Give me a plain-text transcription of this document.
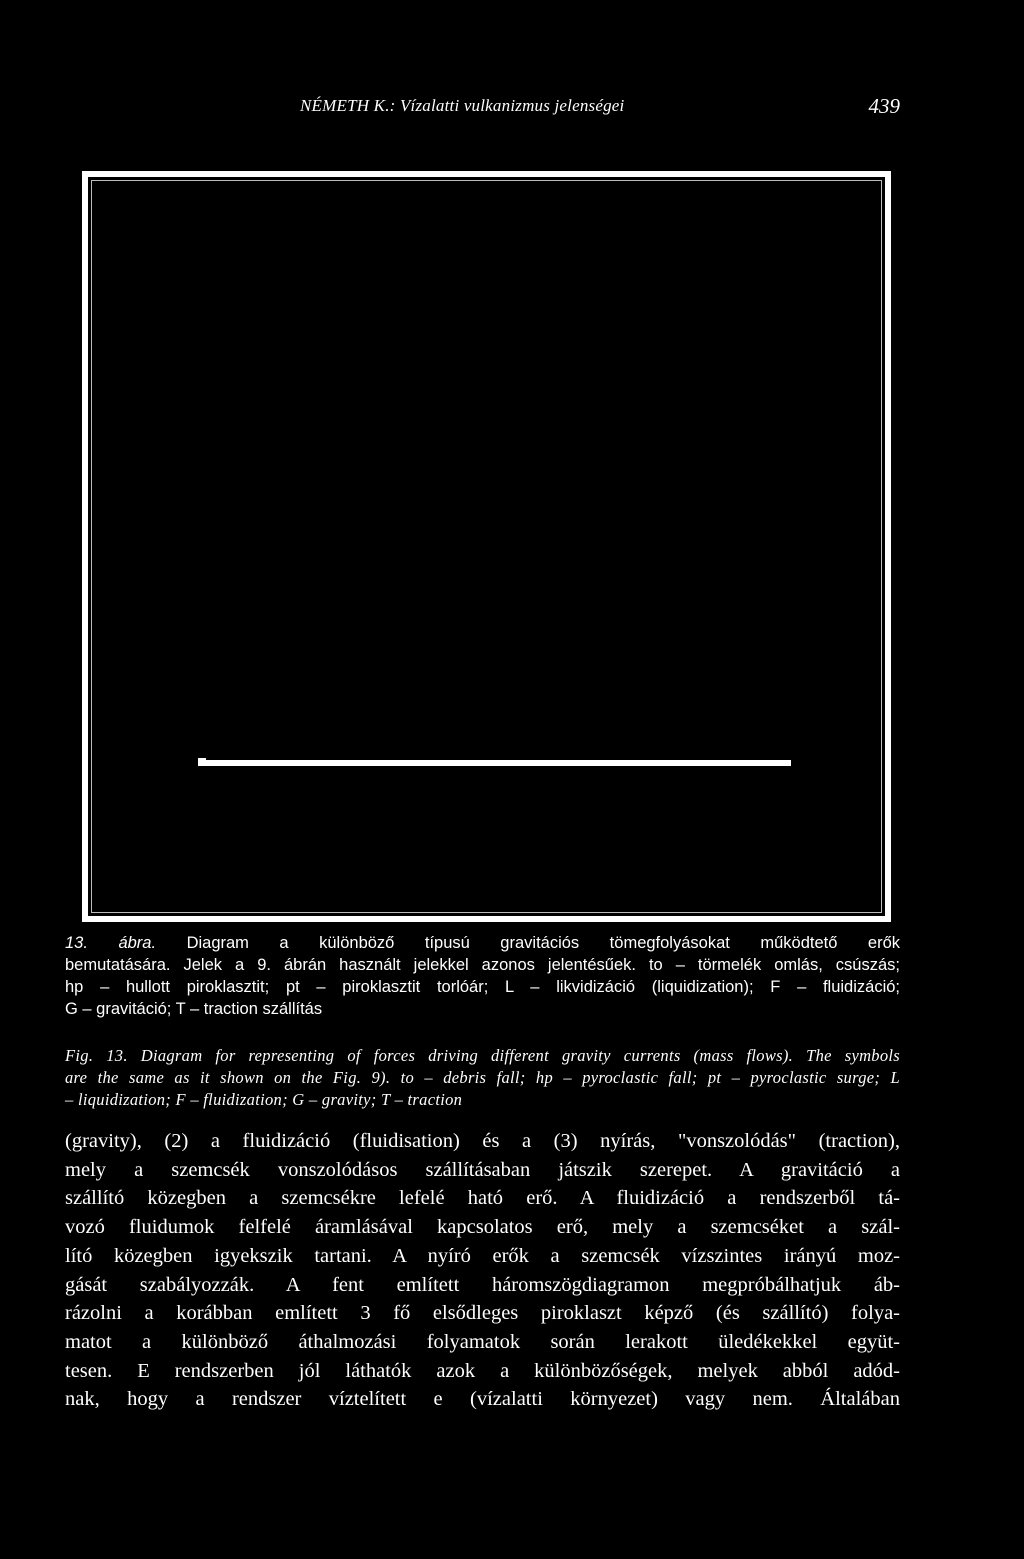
NÉMETH K.: Vízalatti vulkanizmus jelenségei	439
13. ábra. Diagram a különböző típusú gravitációs tömegfolyásokat működtető erők
bemutatására. Jelek a 9. ábrán használt jelekkel azonos jelentésűek. to – törmelék omlás, csúszás;
hp – hullott piroklasztit; pt – piroklasztit torlóár; L – likvidizáció (liquidization); F – fluidizáció;
G – gravitáció; T – traction szállítás
Fig. 13. Diagram for representing of forces driving different gravity currents (mass flows). The symbols
are the same as it shown on the Fig. 9). to – debris fall; hp – pyroclastic fall; pt – pyroclastic surge; L
– liquidization; F – fluidization; G – gravity; T – traction
(gravity), (2) a fluidizáció (fluidisation) és a (3) nyírás, "vonszolódás" (traction),
mely a szemcsék vonszolódásos szállításaban játszik szerepet. A gravitáció a
szállító közegben a szemcsékre lefelé ható erő. A fluidizáció a rendszerből tá-
vozó fluidumok felfelé áramlásával kapcsolatos erő, mely a szemcséket a szál-
lító közegben igyekszik tartani. A nyíró erők a szemcsék vízszintes irányú moz-
gását szabályozzák. A fent említett háromszögdiagramon megpróbálhatjuk áb-
rázolni a korábban említett 3 fő elsődleges piroklaszt képző (és szállító) folya-
matot a különböző áthalmozási folyamatok során lerakott üledékekkel együt-
tesen. E rendszerben jól láthatók azok a különbözőségek, melyek abból adód-
nak, hogy a rendszer víztelített e (vízalatti környezet) vagy nem. Általában
